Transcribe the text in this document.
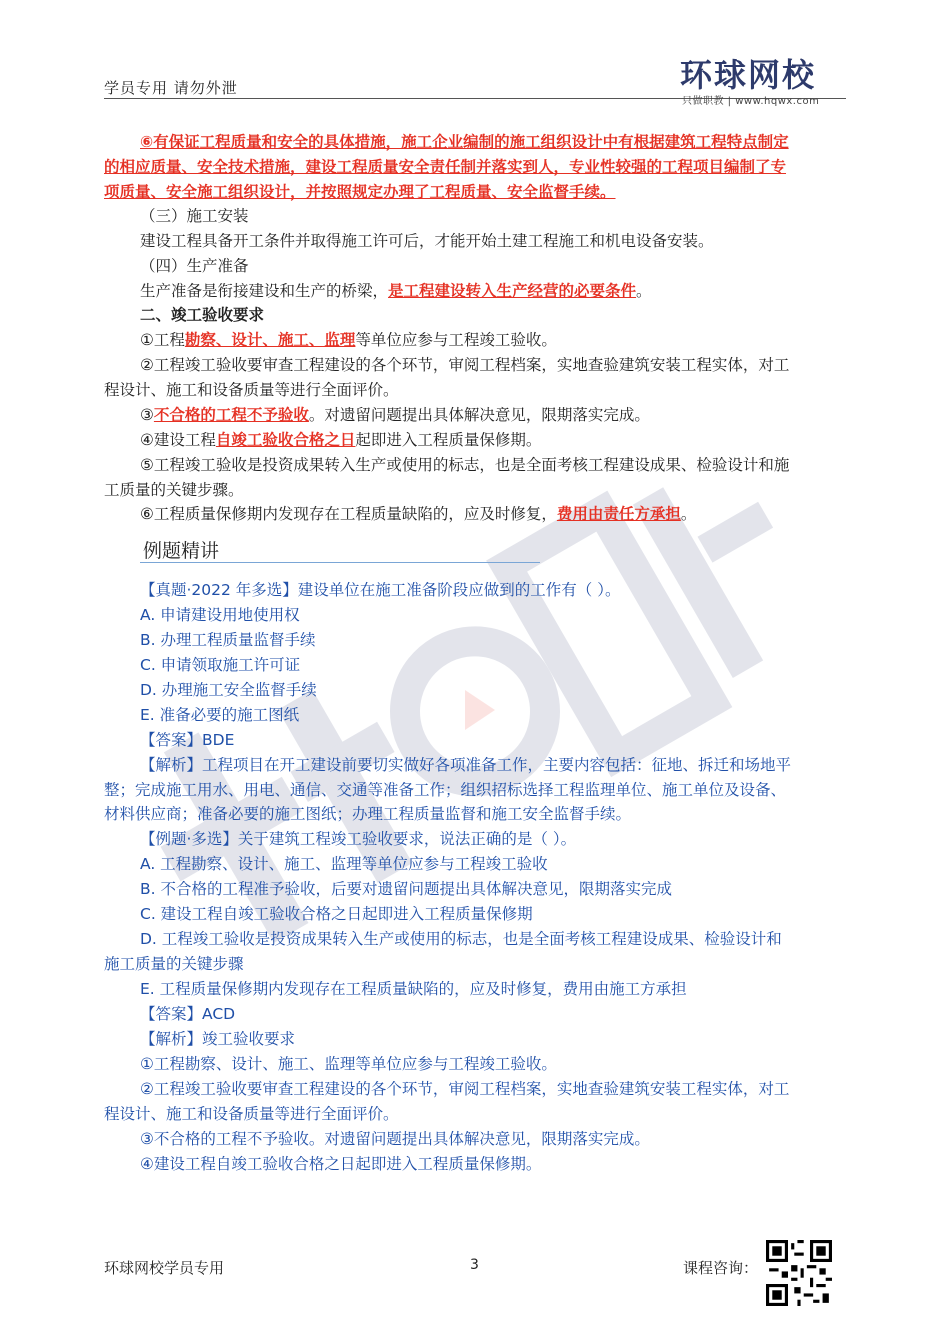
学员专用 请勿外泄	环球网校
只做职教 | www.hqwx.com
⑥有保证工程质量和安全的具体措施，施工企业编制的施工组织设计中有根据建筑工程特点制定
的相应质量、安全技术措施，建设工程质量安全责任制并落实到人，专业性较强的工程项目编制了专
项质量、安全施工组织设计，并按照规定办理了工程质量、安全监督手续。
（三）施工安装
建设工程具备开工条件并取得施工许可后，才能开始土建工程施工和机电设备安装。
（四）生产准备
生产准备是衔接建设和生产的桥梁，是工程建设转入生产经营的必要条件。
二、竣工验收要求
①工程勘察、设计、施工、监理等单位应参与工程竣工验收。
②工程竣工验收要审查工程建设的各个环节，审阅工程档案，实地查验建筑安装工程实体，对工
程设计、施工和设备质量等进行全面评价。
③不合格的工程不予验收。对遗留问题提出具体解决意见，限期落实完成。
④建设工程自竣工验收合格之日起即进入工程质量保修期。
⑤工程竣工验收是投资成果转入生产或使用的标志，也是全面考核工程建设成果、检验设计和施
工质量的关键步骤。
⑥工程质量保修期内发现存在工程质量缺陷的，应及时修复，费用由责任方承担。
例题精讲
【真题·2022 年多选】建设单位在施工准备阶段应做到的工作有（ ）。
A. 申请建设用地使用权
B. 办理工程质量监督手续
C. 申请领取施工许可证
D. 办理施工安全监督手续
E. 准备必要的施工图纸
【答案】BDE
【解析】工程项目在开工建设前要切实做好各项准备工作，主要内容包括：征地、拆迁和场地平
整；完成施工用水、用电、通信、交通等准备工作；组织招标选择工程监理单位、施工单位及设备、
材料供应商；准备必要的施工图纸；办理工程质量监督和施工安全监督手续。
【例题·多选】关于建筑工程竣工验收要求，说法正确的是（ ）。
A. 工程勘察、设计、施工、监理等单位应参与工程竣工验收
B. 不合格的工程准予验收，后要对遗留问题提出具体解决意见，限期落实完成
C. 建设工程自竣工验收合格之日起即进入工程质量保修期
D. 工程竣工验收是投资成果转入生产或使用的标志，也是全面考核工程建设成果、检验设计和
施工质量的关键步骤
E. 工程质量保修期内发现存在工程质量缺陷的，应及时修复，费用由施工方承担
【答案】ACD
【解析】竣工验收要求
①工程勘察、设计、施工、监理等单位应参与工程竣工验收。
②工程竣工验收要审查工程建设的各个环节，审阅工程档案，实地查验建筑安装工程实体，对工
程设计、施工和设备质量等进行全面评价。
③不合格的工程不予验收。对遗留问题提出具体解决意见，限期落实完成。
④建设工程自竣工验收合格之日起即进入工程质量保修期。
环球网校学员专用	3	课程咨询：
